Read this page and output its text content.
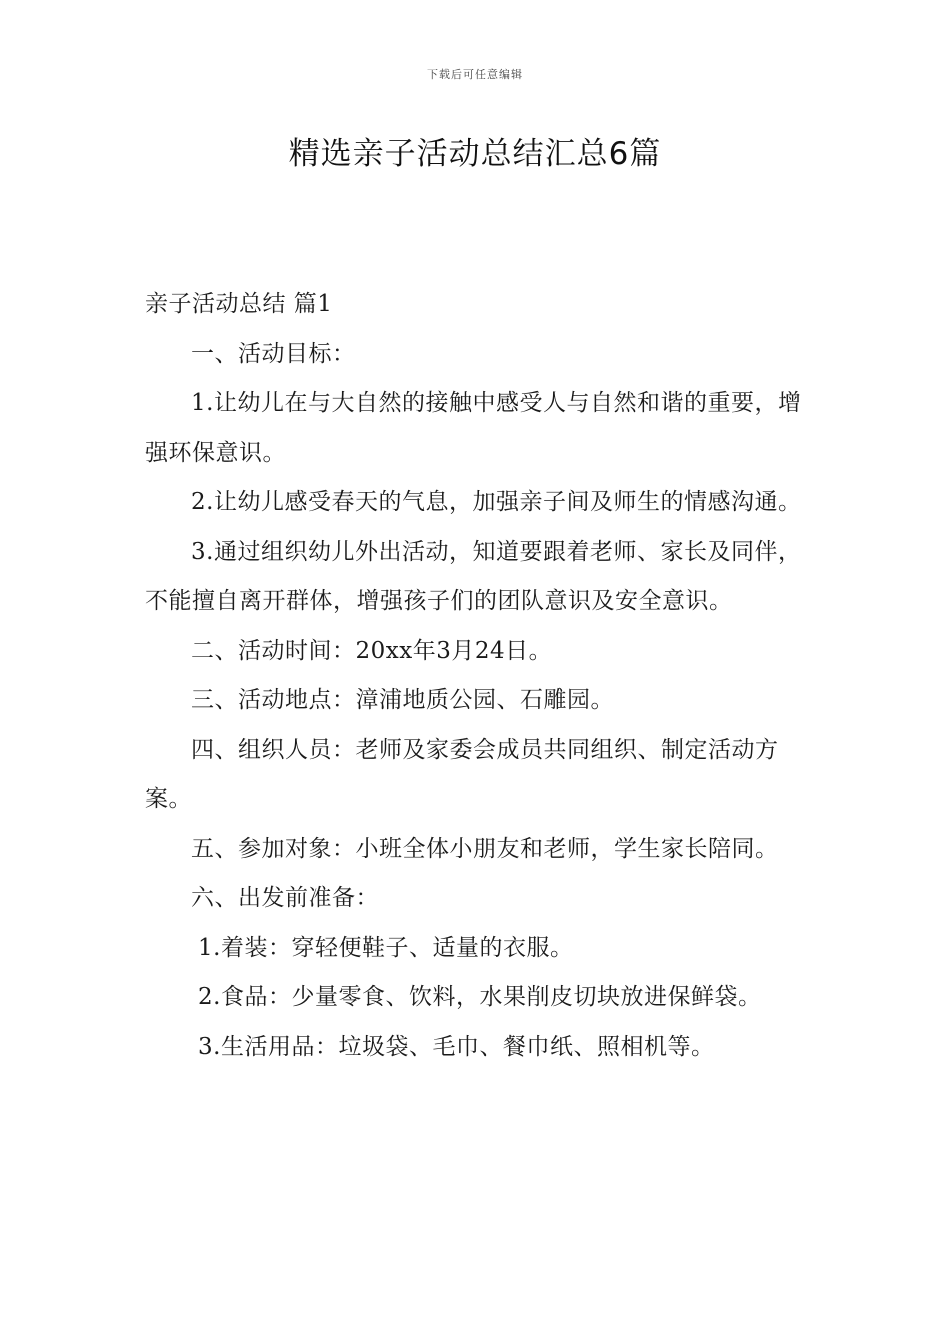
下载后可任意编辑
精选亲子活动总结汇总6篇

亲子活动总结 篇1

一、活动目标：

1.让幼儿在与大自然的接触中感受人与自然和谐的重要，增强环保意识。

2.让幼儿感受春天的气息，加强亲子间及师生的情感沟通。

3.通过组织幼儿外出活动，知道要跟着老师、家长及同伴，不能擅自离开群体，增强孩子们的团队意识及安全意识。

二、活动时间：20xx年3月24日。

三、活动地点：漳浦地质公园、石雕园。

四、组织人员：老师及家委会成员共同组织、制定活动方案。

五、参加对象：小班全体小朋友和老师，学生家长陪同。

六、出发前准备：

1.着装：穿轻便鞋子、适量的衣服。

2.食品：少量零食、饮料，水果削皮切块放进保鲜袋。

3.生活用品：垃圾袋、毛巾、餐巾纸、照相机等。
